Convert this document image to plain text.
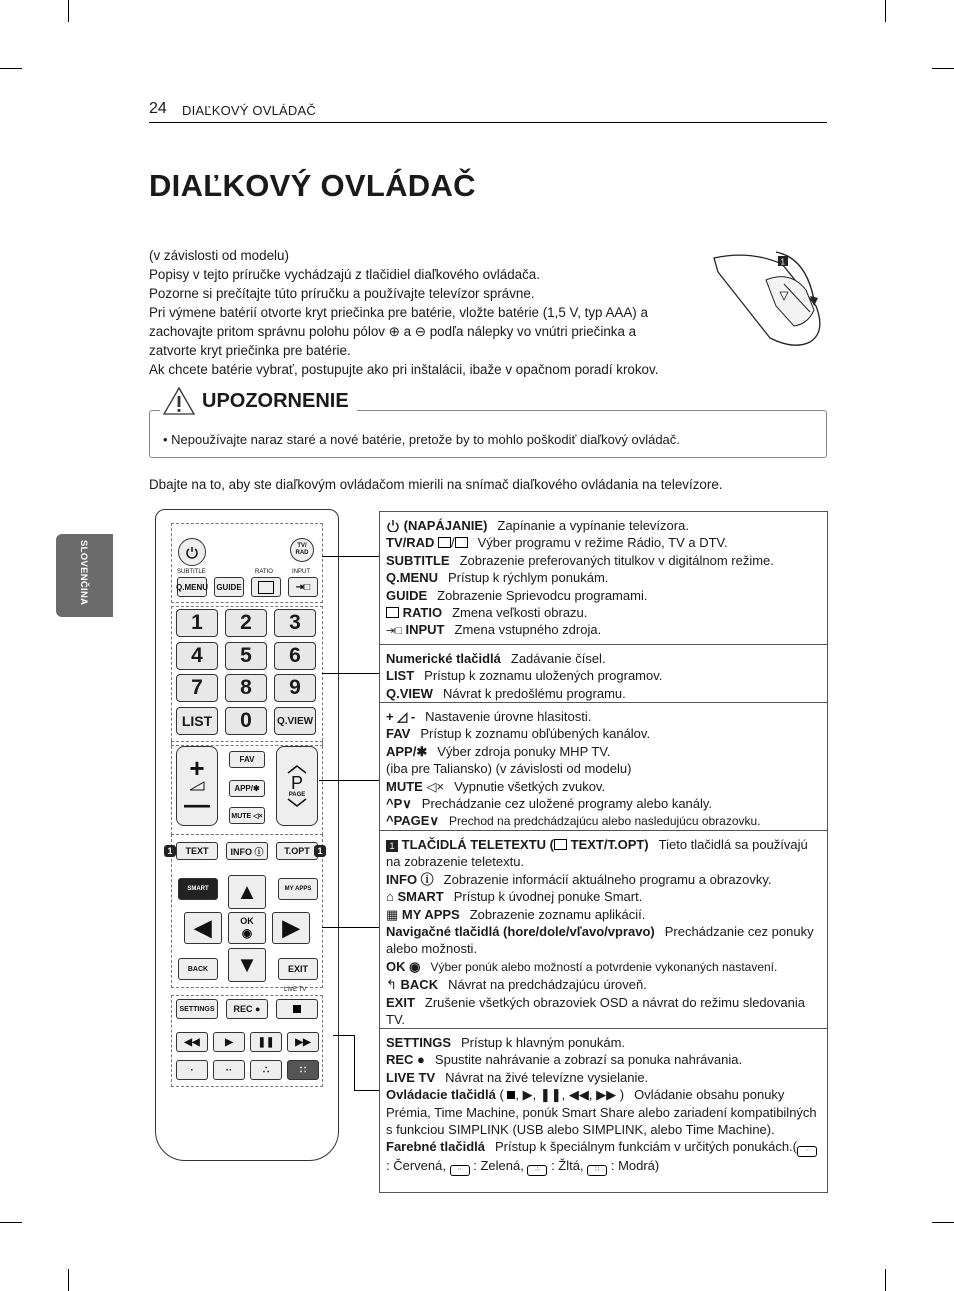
24 DIAĽKOVÝ OVLÁDAČ
DIAĽKOVÝ OVLÁDAČ

(v závislosti od modelu)

Popisy v tejto príručke vychádzajú z tlačidiel diaľkového ovládača.

Pozorne si prečítajte túto príručku a používajte televízor správne.

Pri výmene batérií otvorte kryt priečinka pre batérie, vložte batérie (1,5 V, typ AAA) a

zachovajte pritom správnu polohu pólov ⊕ a ⊖ podľa nálepky vo vnútri priečinka a

zatvorte kryt priečinka pre batérie.

Ak chcete batérie vybrať, postupujte ako pri inštalácii, ibaže v opačnom poradí krokov.

1
UPOZORNENIE
• Nepoužívajte naraz staré a nové batérie, pretože by to mohlo poškodiť diaľkový ovládač.
Dbajte na to, aby ste diaľkovým ovládačom mierili na snímač diaľkového ovládania na televízore.
SLOVENČINA	TV/
RAD
SUBTITLE	RATIO	INPUT
Q.MENU GUIDE	⇥□
1	2	3
4	5	6
7	8	9
LIST	0	Q.VIEW
+
—
FAV
APP/✱
MUTE ◁×
P
PAGE
TEXT	INFO ⓘ	T.OPT
1	1
SMART	MY APPS
▲
◀	OK
◉ ▶
▼
BACK	EXIT
LIVE TV
SETTINGS	REC ●
◀◀	▶ ❚❚ ▶▶
·	··	∴	∷
(NAPÁJANIE) Zapínanie a vypínanie televízora.
TV/RAD / Výber programu v režime Rádio, TV a DTV.
SUBTITLE Zobrazenie preferovaných titulkov v digitálnom režime.
Q.MENU Prístup k rýchlym ponukám.
GUIDE Zobrazenie Sprievodcu programami.
RATIO Zmena veľkosti obrazu.
⇥□ INPUT Zmena vstupného zdroja.
Numerické tlačidlá Zadávanie čísel.
LIST Prístup k zoznamu uložených programov.
Q.VIEW Návrat k predošlému programu.
+ ◿ - Nastavenie úrovne hlasitosti.
FAV Prístup k zoznamu obľúbených kanálov.
APP/✱ Výber zdroja ponuky MHP TV.
(iba pre Taliansko) (v závislosti od modelu)
MUTE ◁× Vypnutie všetkých zvukov.
^P∨ Prechádzanie cez uložené programy alebo kanály.
^PAGE∨ Prechod na predchádzajúcu alebo nasledujúcu obrazovku.
1 TLAČIDLÁ TELETEXTU ( TEXT/T.OPT) Tieto tlačidlá sa používajú na zobrazenie teletextu.
INFO ⓘ Zobrazenie informácií aktuálneho programu a obrazovky.
⌂ SMART Prístup k úvodnej ponuke Smart.
▦ MY APPS Zobrazenie zoznamu aplikácií.
Navigačné tlačidlá (hore/dole/vľavo/vpravo) Prechádzanie cez ponuky alebo možnosti.
OK ◉ Výber ponúk alebo možností a potvrdenie vykonaných nastavení.
↰ BACK Návrat na predchádzajúcu úroveň.
EXIT Zrušenie všetkých obrazoviek OSD a návrat do režimu sledovania TV.
SETTINGS Prístup k hlavným ponukám.
REC ● Spustite nahrávanie a zobrazí sa ponuka nahrávania.
LIVE TV Návrat na živé televízne vysielanie.
Ovládacie tlačidlá ( , ▶, ❚❚, ◀◀, ▶▶ ) Ovládanie obsahu ponuky Prémia, Time Machine, ponúk Smart Share alebo zariadení kompatibilných s funkciou SIMPLINK (USB alebo SIMPLINK, alebo Time Machine).
Farebné tlačidlá Prístup k špeciálnym funkciám v určitých ponukách.( · : Červená, ·· : Zelená, ∴ : Žltá, ∷ : Modrá)
